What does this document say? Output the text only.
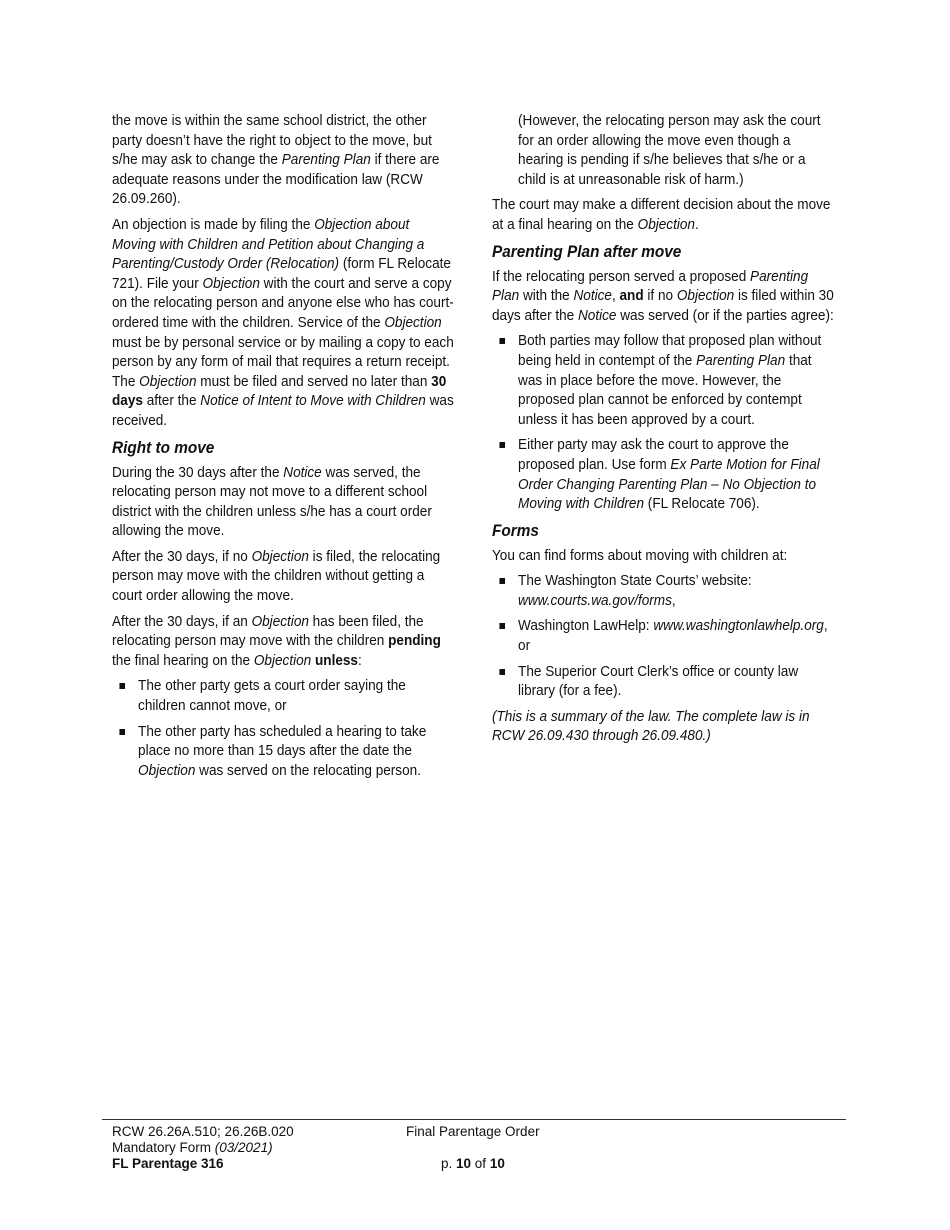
the move is within the same school district, the other party doesn’t have the right to object to the move, but s/he may ask to change the Parenting Plan if there are adequate reasons under the modification law (RCW 26.09.260).

An objection is made by filing the Objection about Moving with Children and Petition about Changing a Parenting/Custody Order (Relocation) (form FL Relocate 721). File your Objection with the court and serve a copy on the relocating person and anyone else who has court-ordered time with the children. Service of the Objection must be by personal service or by mailing a copy to each person by any form of mail that requires a return receipt. The Objection must be filed and served no later than 30 days after the Notice of Intent to Move with Children was received.

Right to move

During the 30 days after the Notice was served, the relocating person may not move to a different school district with the children unless s/he has a court order allowing the move.

After the 30 days, if no Objection is filed, the relocating person may move with the children without getting a court order allowing the move.

After the 30 days, if an Objection has been filed, the relocating person may move with the children pending the final hearing on the Objection unless:

The other party gets a court order saying the children cannot move, or
The other party has scheduled a hearing to take place no more than 15 days after the date the Objection was served on the relocating person.

(However, the relocating person may ask the court for an order allowing the move even though a hearing is pending if s/he believes that s/he or a child is at unreasonable risk of harm.)

The court may make a different decision about the move at a final hearing on the Objection.

Parenting Plan after move

If the relocating person served a proposed Parenting Plan with the Notice, and if no Objection is filed within 30 days after the Notice was served (or if the parties agree):

Both parties may follow that proposed plan without being held in contempt of the Parenting Plan that was in place before the move. However, the proposed plan cannot be enforced by contempt unless it has been approved by a court.
Either party may ask the court to approve the proposed plan. Use form Ex Parte Motion for Final Order Changing Parenting Plan – No Objection to Moving with Children (FL Relocate 706).
Forms

You can find forms about moving with children at:

The Washington State Courts’ website: www.courts.wa.gov/forms,
Washington LawHelp: www.washingtonlawhelp.org, or
The Superior Court Clerk’s office or county law library (for a fee).

(This is a summary of the law. The complete law is in RCW 26.09.430 through 26.09.480.)

RCW 26.26A.510; 26.26B.020
Mandatory Form (03/2021)
FL Parentage 316
Final Parentage Order
p. 10 of 10
